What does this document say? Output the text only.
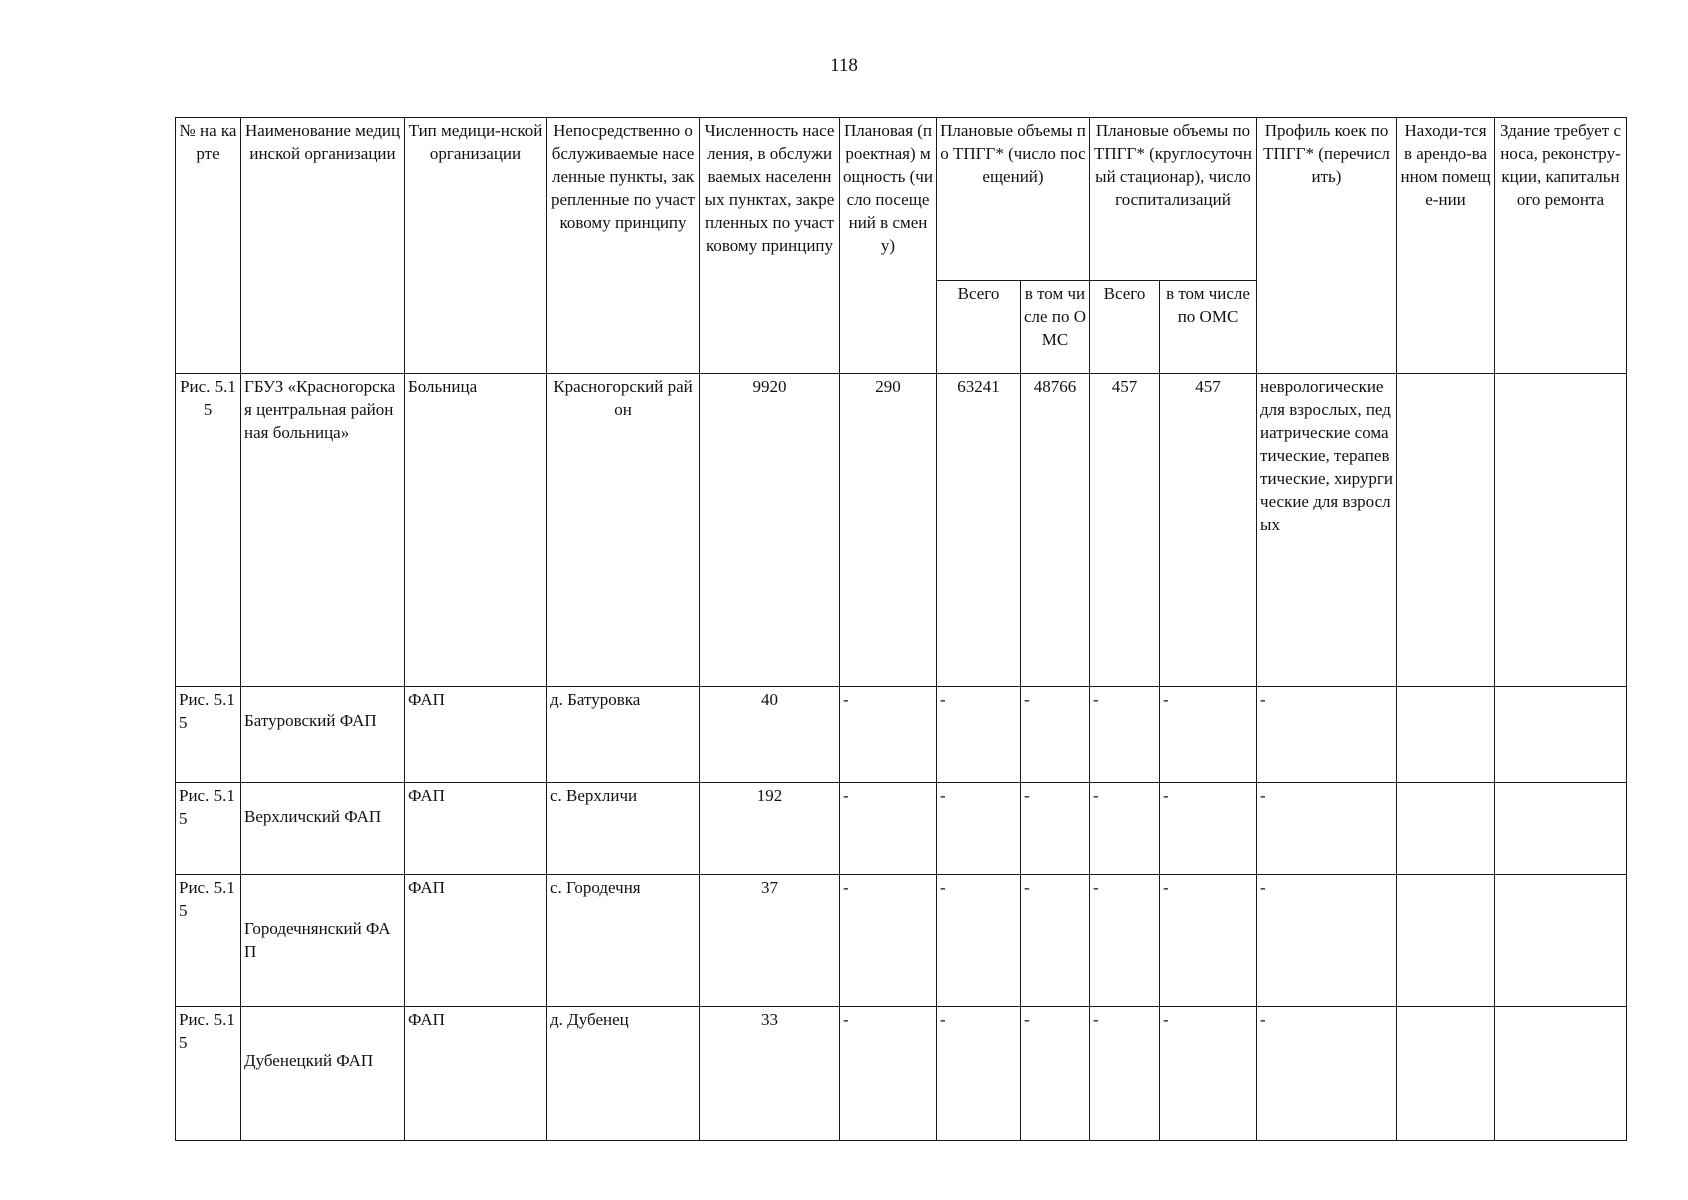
118
№ на карте	Наименование медицинской организации	Тип медици-нской организации	Непосредственно обслуживаемые населенные пункты, закрепленные по участковому принципу	Численность населения, в обслуживаемых населенных пунктах, закрепленных по участковому принципу	Плановая (проектная) мощность (число посещений в смену)	Плановые объемы по ТПГГ* (число посещений)		Плановые объемы по ТПГГ* (круглосуточный стационар), число госпитализаций		Профиль коек по ТПГГ* (перечислить)	Находи-тся в арендо-ванном помеще-нии	Здание требует сноса, реконстру-кции, капитального ремонта
						Всего	в том числе по ОМС	Всего	в том числе по ОМС			
Рис. 5.15	ГБУЗ «Красногорская центральная районная больница»	Больница	Красногорский район	9920	290	63241	48766	457	457	неврологические для взрослых, педиатрические соматические, терапевтические, хирургические для взрослых		
Рис. 5.15	Батуровский ФАП	ФАП	д. Батуровка	40	-	-	-	-	-	-		
Рис. 5.15	Верхличский ФАП	ФАП	с. Верхличи	192	-	-	-	-	-	-		
Рис. 5.15	Городечнянский ФАП	ФАП	с. Городечня	37	-	-	-	-	-	-		
Рис. 5.15	Дубенецкий ФАП	ФАП	д. Дубенец	33	-	-	-	-	-	-		
